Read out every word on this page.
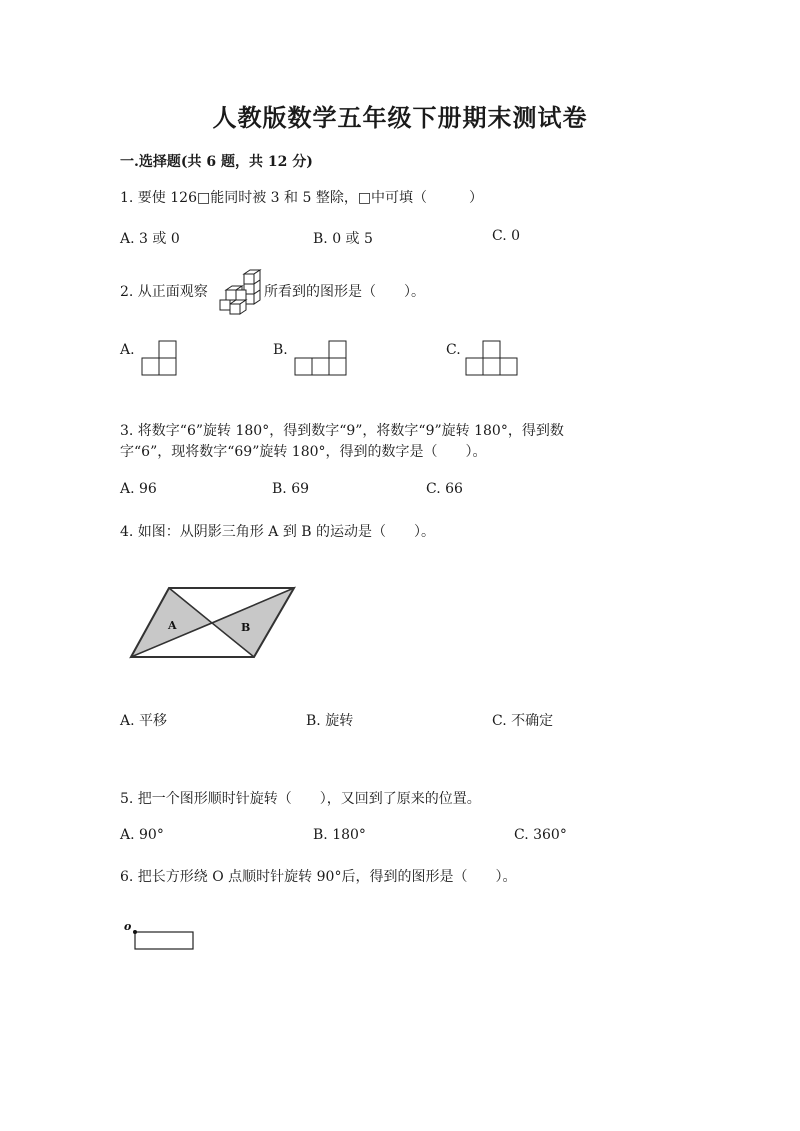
人教版数学五年级下册期末测试卷
一.选择题(共 6 题，共 12 分)
1. 要使 126□能同时被 3 和 5 整除，□中可填（　　　）
A. 3 或 0	B. 0 或 5	C. 0
2. 从正面观察	所看到的图形是（　　）。
A.	B.	C.
3. 将数字“6”旋转 180°，得到数字“9”，将数字“9”旋转 180°，得到数
字“6”，现将数字“69”旋转 180°，得到的数字是（　　）。
A. 96	B. 69	C. 66
4. 如图：从阴影三角形 A 到 B 的运动是（　　）。
A	B
A. 平移	B. 旋转	C. 不确定
5. 把一个图形顺时针旋转（　　），又回到了原来的位置。
A. 90°	B. 180°	C. 360°
6. 把长方形绕 O 点顺时针旋转 90°后，得到的图形是（　　）。
o
